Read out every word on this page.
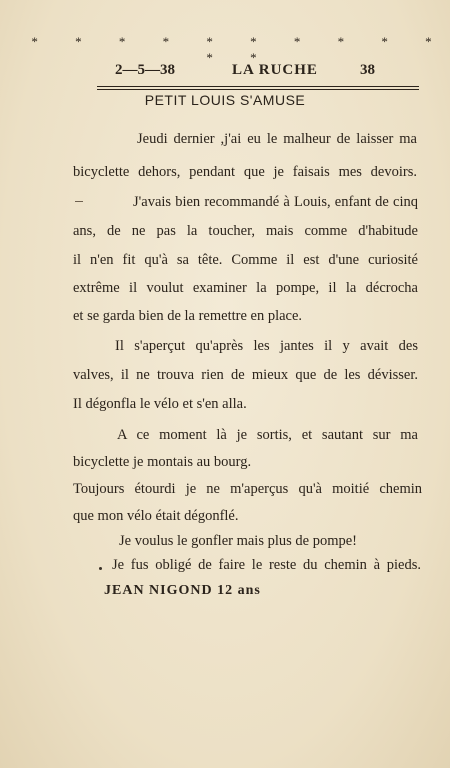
* * * * * * * * * * * *
2—5—38	LA RUCHE	38
PETIT LOUIS S'AMUSE
Jeudi dernier ,j'ai eu le malheur de laisser ma
bicyclette dehors, pendant que je faisais mes devoirs.
J'avais bien recommandé à Louis, enfant de cinq
ans, de ne pas la toucher, mais comme d'habitude
il n'en fit qu'à sa tête. Comme il est d'une curiosité
extrême il voulut examiner la pompe, il la décrocha
et se garda bien de la remettre en place.
Il s'aperçut qu'après les jantes il y avait des
valves, il ne trouva rien de mieux que de les dévisser.
Il dégonfla le vélo et s'en alla.
A ce moment là je sortis, et sautant sur ma
bicyclette je montais au bourg.
Toujours étourdi je ne m'aperçus qu'à moitié chemin
que mon vélo était dégonflé.
Je voulus le gonfler mais plus de pompe!
Je fus obligé de faire le reste du chemin à pieds.
JEAN NIGOND 12 ans
